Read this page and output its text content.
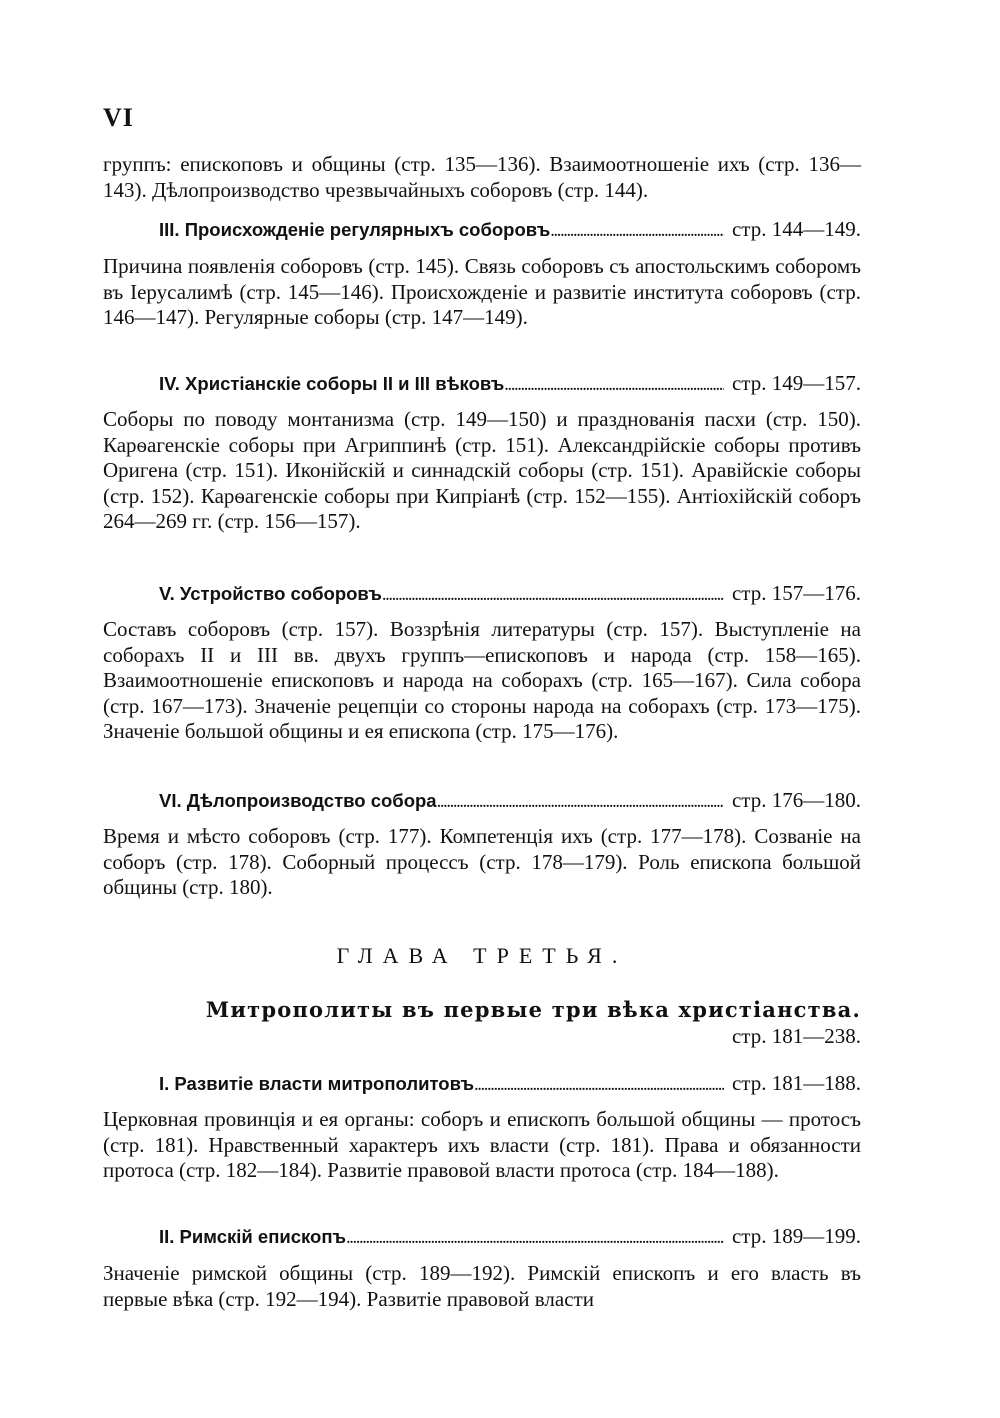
VI
группъ: епископовъ и общины (стр. 135—136). Взаимоотношеніе ихъ (стр. 136—143). Дѣлопроизводство чрезвычайныхъ соборовъ (стр. 144).
III. Происхожденіе регулярныхъ соборовъ . . .	стр. 144—149.
Причина появленія соборовъ (стр. 145). Связь соборовъ съ апостольскимъ соборомъ въ Іерусалимѣ (стр. 145—146). Происхожденіе и развитіе института соборовъ (стр. 146—147). Регулярные соборы (стр. 147—149).
IV. Христіанскіе соборы II и III вѣковъ . . .	стр. 149—157.
Соборы по поводу монтанизма (стр. 149—150) и празднованія пасхи (стр. 150). Карѳагенскіе соборы при Агриппинѣ (стр. 151). Александрійскіе соборы противъ Оригена (стр. 151). Иконійскій и синнадскій соборы (стр. 151). Аравійскіе соборы (стр. 152). Карѳагенскіе соборы при Кипріанѣ (стр. 152—155). Антіохійскій соборъ 264—269 гг. (стр. 156—157).
V. Устройство соборовъ . . .	стр. 157—176.
Составъ соборовъ (стр. 157). Воззрѣнія литературы (стр. 157). Выступленіе на соборахъ II и III вв. двухъ группъ—епископовъ и народа (стр. 158—165). Взаимоотношеніе епископовъ и народа на соборахъ (стр. 165—167). Сила собора (стр. 167—173). Значеніе рецепціи со стороны народа на соборахъ (стр. 173—175). Значеніе большой общины и ея епископа (стр. 175—176).
VI. Дѣлопроизводство собора . . .	стр. 176—180.
Время и мѣсто соборовъ (стр. 177). Компетенція ихъ (стр. 177—178). Созваніе на соборъ (стр. 178). Соборный процессъ (стр. 178—179). Роль епископа большой общины (стр. 180).
ГЛАВА ТРЕТЬЯ.
Митрополиты въ первые три вѣка христіанства.
стр. 181—238.
I. Развитіе власти митрополитовъ . . .	стр. 181—188.
Церковная провинція и ея органы: соборъ и епископъ большой общины — протосъ (стр. 181). Нравственный характеръ ихъ власти (стр. 181). Права и обязанности протоса (стр. 182—184). Развитіе правовой власти протоса (стр. 184—188).
II. Римскій епископъ . . .	стр. 189—199.
Значеніе римской общины (стр. 189—192). Римскій епископъ и его власть въ первые вѣка (стр. 192—194). Развитіе правовой власти
